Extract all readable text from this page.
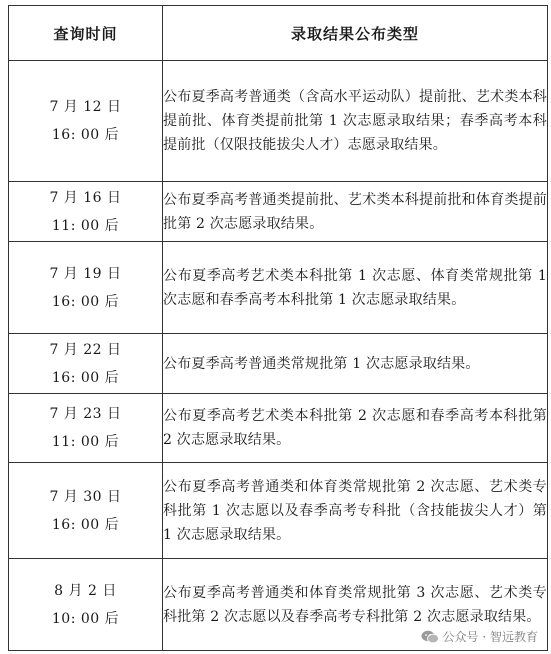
查询时间	录取结果公布类型

7 月 12 日
16: 00 后	公布夏季高考普通类（含高水平运动队）提前批、艺术类本科提前批、体育类提前批第 1 次志愿录取结果；春季高考本科提前批（仅限技能拔尖人才）志愿录取结果。

7 月 16 日
11: 00 后	公布夏季高考普通类提前批、艺术类本科提前批和体育类提前批第 2 次志愿录取结果。

7 月 19 日
16: 00 后	公布夏季高考艺术类本科批第 1 次志愿、体育类常规批第 1 次志愿和春季高考本科批第 1 次志愿录取结果。

7 月 22 日
16: 00 后	公布夏季高考普通类常规批第 1 次志愿录取结果。

7 月 23 日
11: 00 后	公布夏季高考艺术类本科批第 2 次志愿和春季高考本科批第 2 次志愿录取结果。

7 月 30 日
16: 00 后	公布夏季高考普通类和体育类常规批第 2 次志愿、艺术类专科批第 1 次志愿以及春季高考专科批（含技能拔尖人才）第 1 次志愿录取结果。

8 月 2 日
10: 00 后	公布夏季高考普通类和体育类常规批第 3 次志愿、艺术类专科批第 2 次志愿以及春季高考专科批第 2 次志愿录取结果。
公众号 · 智远教育
